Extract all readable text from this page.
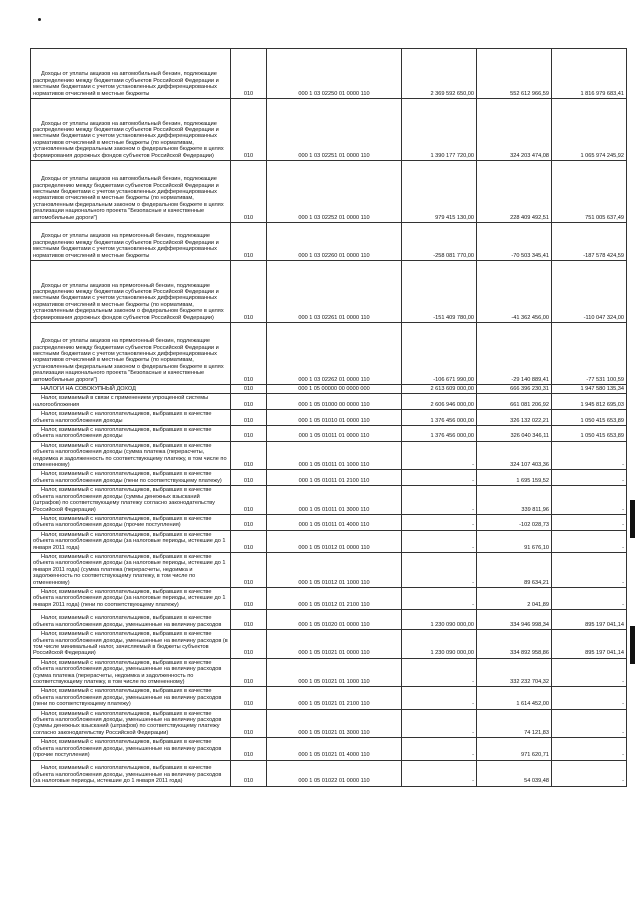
Доходы от уплаты акцизов на автомобильный бензин, подлежащие распределению между бюджетами субъектов Российской Федерации и местными бюджетами с учетом установленных дифференцированных нормативов отчислений в местные бюджеты	010	000 1 03 02250 01 0000 110	2 369 592 650,00	552 612 966,59	1 816 979 683,41
Доходы от уплаты акцизов на автомобильный бензин, подлежащие распределению между бюджетами субъектов Российской Федерации и местными бюджетами с учетом установленных дифференцированных нормативов отчислений в местные бюджеты (по нормативам, установленным федеральным законом о федеральном бюджете в целях формирования дорожных фондов субъектов Российской Федерации)	010	000 1 03 02251 01 0000 110	1 390 177 720,00	324 203 474,08	1 065 974 245,92
Доходы от уплаты акцизов на автомобильный бензин, подлежащие распределению между бюджетами субъектов Российской Федерации и местными бюджетами с учетом установленных дифференцированных нормативов отчислений в местные бюджеты (по нормативам, установленным федеральным законом о федеральном бюджете в целях реализации национального проекта "Безопасные и качественные автомобильные дороги")	010	000 1 03 02252 01 0000 110	979 415 130,00	228 409 492,51	751 005 637,49
Доходы от уплаты акцизов на прямогонный бензин, подлежащие распределению между бюджетами субъектов Российской Федерации и местными бюджетами с учетом установленных дифференцированных нормативов отчислений в местные бюджеты	010	000 1 03 02260 01 0000 110	-258 081 770,00	-70 503 345,41	-187 578 424,59
Доходы от уплаты акцизов на прямогонный бензин, подлежащие распределению между бюджетами субъектов Российской Федерации и местными бюджетами с учетом установленных дифференцированных нормативов отчислений в местные бюджеты (по нормативам, установленным федеральным законом о федеральном бюджете в целях формирования дорожных фондов субъектов Российской Федерации)	010	000 1 03 02261 01 0000 110	-151 409 780,00	-41 362 456,00	-110 047 324,00
Доходы от уплаты акцизов на прямогонный бензин, подлежащие распределению между бюджетами субъектов Российской Федерации и местными бюджетами с учетом установленных дифференцированных нормативов отчислений в местные бюджеты (по нормативам, установленным федеральным законом о федеральном бюджете в целях реализации национального проекта "Безопасные и качественные автомобильные дороги")	010	000 1 03 02262 01 0000 110	-106 671 990,00	-29 140 889,41	-77 531 100,59
НАЛОГИ НА СОВОКУПНЫЙ ДОХОД	010	000 1 05 00000 00 0000 000	2 613 609 000,00	666 396 230,31	1 947 580 135,34
Налог, взимаемый в связи с применением упрощенной системы налогообложения	010	000 1 05 01000 00 0000 110	2 606 946 000,00	661 081 206,92	1 945 812 695,03
Налог, взимаемый с налогоплательщиков, выбравших в качестве объекта налогообложения доходы	010	000 1 05 01010 01 0000 110	1 376 456 000,00	326 132 022,21	1 050 415 653,89
Налог, взимаемый с налогоплательщиков, выбравших в качестве объекта налогообложения доходы	010	000 1 05 01011 01 0000 110	1 376 456 000,00	326 040 346,11	1 050 415 653,89
Налог, взимаемый с налогоплательщиков, выбравших в качестве объекта налогообложения доходы (сумма платежа (перерасчеты, недоимка и задолженность по соответствующему платежу, в том числе по отмененному)	010	000 1 05 01011 01 1000 110	-	324 107 403,36	-
Налог, взимаемый с налогоплательщиков, выбравших в качестве объекта налогообложения доходы (пени по соответствующему платежу)	010	000 1 05 01011 01 2100 110	-	1 695 159,52	-
Налог, взимаемый с налогоплательщиков, выбравших в качестве объекта налогообложения доходы (суммы денежных взысканий (штрафов) по соответствующему платежу согласно законодательству Российской Федерации)	010	000 1 05 01011 01 3000 110	-	339 811,96	-
Налог, взимаемый с налогоплательщиков, выбравших в качестве объекта налогообложения доходы (прочие поступления)	010	000 1 05 01011 01 4000 110	-	-102 028,73	-
Налог, взимаемый с налогоплательщиков, выбравших в качестве объекта налогообложения доходы (за налоговые периоды, истекшие до 1 января 2011 года)	010	000 1 05 01012 01 0000 110	-	91 676,10	-
Налог, взимаемый с налогоплательщиков, выбравших в качестве объекта налогообложения доходы (за налоговые периоды, истекшие до 1 января 2011 года) (сумма платежа (перерасчеты, недоимка и задолженность по соответствующему платежу, в том числе по отмененному)	010	000 1 05 01012 01 1000 110	-	89 634,21	-
Налог, взимаемый с налогоплательщиков, выбравших в качестве объекта налогообложения доходы (за налоговые периоды, истекшие до 1 января 2011 года) (пени по соответствующему платежу)	010	000 1 05 01012 01 2100 110	-	2 041,89	-
Налог, взимаемый с налогоплательщиков, выбравших в качестве объекта налогообложения доходы, уменьшенные на величину расходов	010	000 1 05 01020 01 0000 110	1 230 090 000,00	334 946 998,34	895 197 041,14
Налог, взимаемый с налогоплательщиков, выбравших в качестве объекта налогообложения доходы, уменьшенные на величину расходов (в том числе минимальный налог, зачисляемый в бюджеты субъектов Российской Федерации)	010	000 1 05 01021 01 0000 110	1 230 090 000,00	334 892 958,86	895 197 041,14
Налог, взимаемый с налогоплательщиков, выбравших в качестве объекта налогообложения доходы, уменьшенные на величину расходов (сумма платежа (перерасчеты, недоимка и задолженность по соответствующему платежу, в том числе по отмененному)	010	000 1 05 01021 01 1000 110	-	332 232 704,32	-
Налог, взимаемый с налогоплательщиков, выбравших в качестве объекта налогообложения доходы, уменьшенные на величину расходов (пени по соответствующему платежу)	010	000 1 05 01021 01 2100 110	-	1 614 452,00	-
Налог, взимаемый с налогоплательщиков, выбравших в качестве объекта налогообложения доходы, уменьшенные на величину расходов (суммы денежных взысканий (штрафов) по соответствующему платежу согласно законодательству Российской Федерации)	010	000 1 05 01021 01 3000 110	-	74 121,83	-
Налог, взимаемый с налогоплательщиков, выбравших в качестве объекта налогообложения доходы, уменьшенные на величину расходов (прочие поступления)	010	000 1 05 01021 01 4000 110	-	971 620,71	-
Налог, взимаемый с налогоплательщиков, выбравших в качестве объекта налогообложения доходы, уменьшенные на величину расходов (за налоговые периоды, истекшие до 1 января 2011 года)	010	000 1 05 01022 01 0000 110	-	54 039,48	-
